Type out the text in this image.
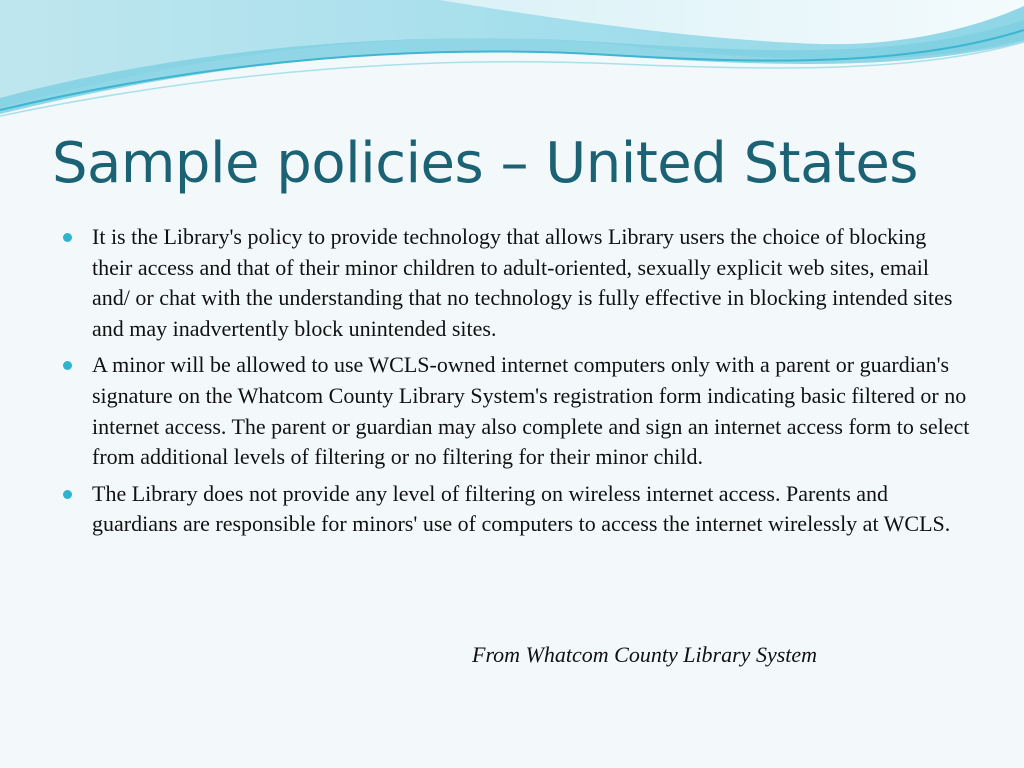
Sample policies – United States
It is the Library's policy to provide technology that allows Library users the choice of blocking their access and that of their minor children to adult-oriented, sexually explicit web sites, email and/ or chat with the understanding that no technology is fully effective in blocking intended sites and may inadvertently block unintended sites.
A minor will be allowed to use WCLS-owned internet computers only with a parent or guardian's signature on the Whatcom County Library System's registration form indicating basic filtered or no internet access. The parent or guardian may also complete and sign an internet access form to select from additional levels of filtering or no filtering for their minor child.
The Library does not provide any level of filtering on wireless internet access. Parents and guardians are responsible for minors' use of computers to access the internet wirelessly at WCLS.

From Whatcom County Library System
